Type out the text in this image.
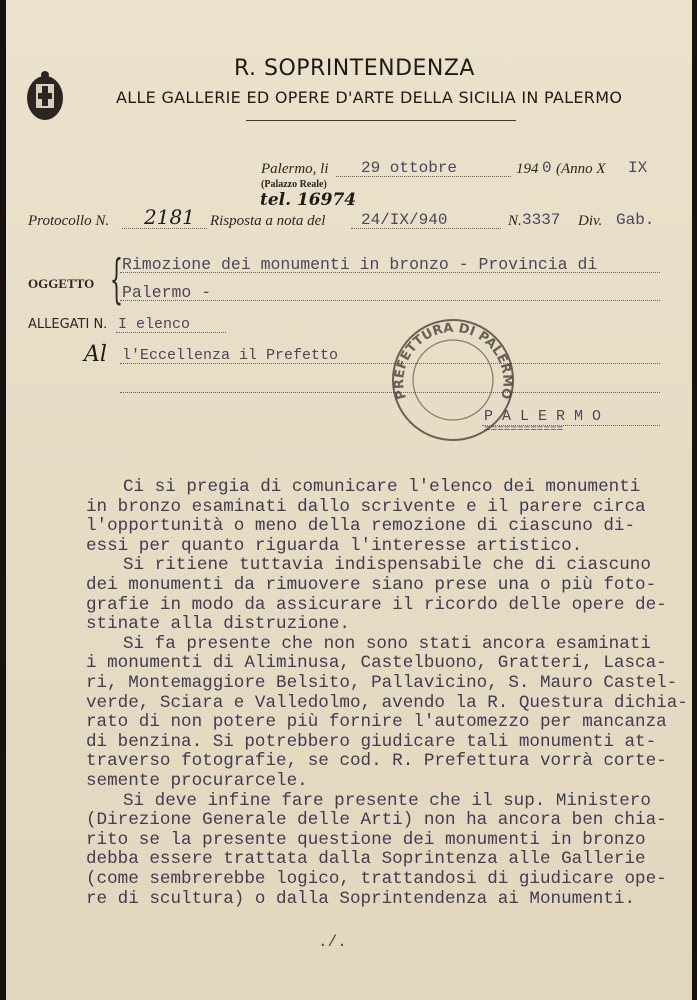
R. SOPRINTENDENZA
ALLE GALLERIE ED OPERE D'ARTE DELLA SICILIA IN PALERMO
Palermo, li 29 ottobre	194 0 (Anno X IX
(Palazzo Reale)
tel. 16974
Protocollo N. 2181 Risposta a nota del 24/IX/940	N. 3337 Div. Gab.
OGGETTO {
Rimozione dei monumenti in bronzo - Provincia di
Palermo -
ALLEGATI N. I elenco
Al l'Eccellenza il Prefetto
P A L E R M O
============
PREFETTURA DI PALERMO
Ci si pregia di comunicare l'elenco dei monumenti
in bronzo esaminati dallo scrivente e il parere circa
l'opportunità o meno della remozione di ciascuno di-
essi per quanto riguarda l'interesse artistico.
Si ritiene tuttavia indispensabile che di ciascuno
dei monumenti da rimuovere siano prese una o più foto-
grafie in modo da assicurare il ricordo delle opere de-
stinate alla distruzione.
Si fa presente che non sono stati ancora esaminati
i monumenti di Aliminusa, Castelbuono, Gratteri, Lasca-
ri, Montemaggiore Belsito, Pallavicino, S. Mauro Castel-
verde, Sciara e Valledolmo, avendo la R. Questura dichia-
rato di non potere più fornire l'automezzo per mancanza
di benzina. Si potrebbero giudicare tali monumenti at-
traverso fotografie, se cod. R. Prefettura vorrà corte-
semente procurarcele.
Si deve infine fare presente che il sup. Ministero
(Direzione Generale delle Arti) non ha ancora ben chia-
rito se la presente questione dei monumenti in bronzo
debba essere trattata dalla Soprintenza alle Gallerie
(come sembrerebbe logico, trattandosi di giudicare ope-
re di scultura) o dalla Soprintendenza ai Monumenti.
./.
